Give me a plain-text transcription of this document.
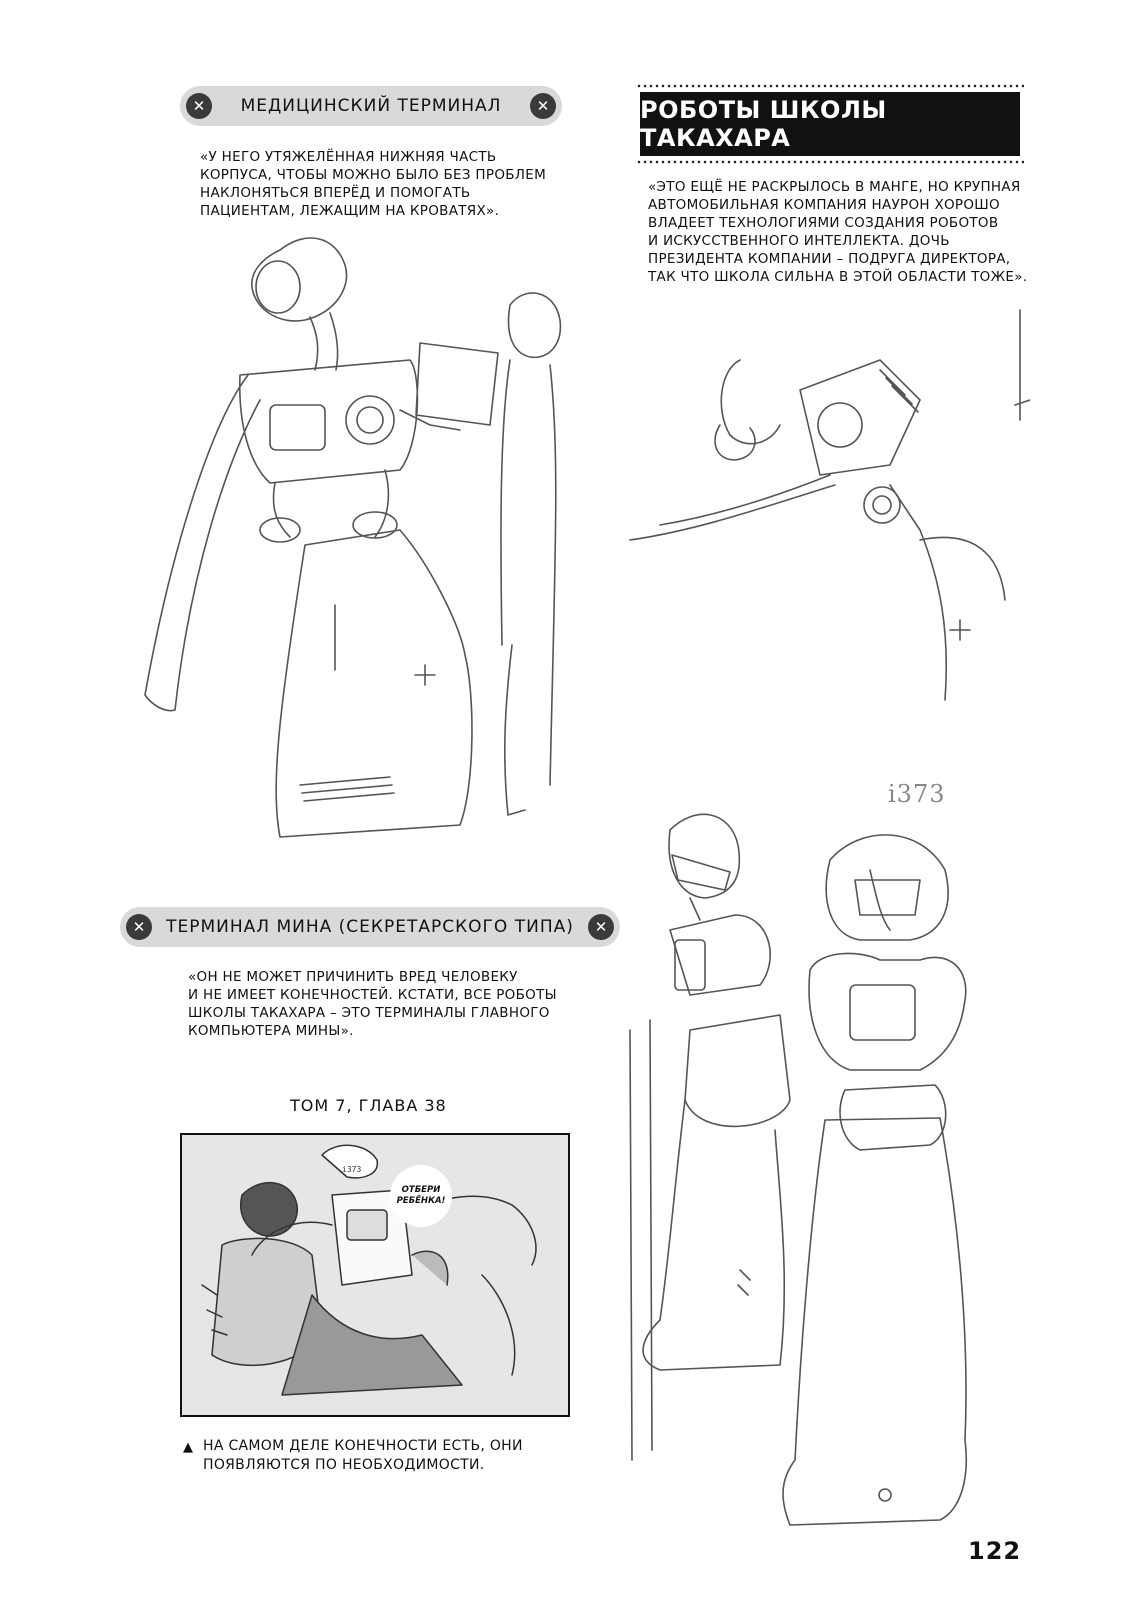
✕	МЕДИЦИНСКИЙ ТЕРМИНАЛ	✕
«У НЕГО УТЯЖЕЛЁННАЯ НИЖНЯЯ ЧАСТЬ
КОРПУСА, ЧТОБЫ МОЖНО БЫЛО БЕЗ ПРОБЛЕМ
НАКЛОНЯТЬСЯ ВПЕРЁД И ПОМОГАТЬ
ПАЦИЕНТАМ, ЛЕЖАЩИМ НА КРОВАТЯХ».
РОБОТЫ ШКОЛЫ ТАКАХАРА
«ЭТО ЕЩЁ НЕ РАСКРЫЛОСЬ В МАНГЕ, НО КРУПНАЯ
АВТОМОБИЛЬНАЯ КОМПАНИЯ НАУРОН ХОРОШО
ВЛАДЕЕТ ТЕХНОЛОГИЯМИ СОЗДАНИЯ РОБОТОВ
И ИСКУССТВЕННОГО ИНТЕЛЛЕКТА. ДОЧЬ
ПРЕЗИДЕНТА КОМПАНИИ – ПОДРУГА ДИРЕКТОРА,
ТАК ЧТО ШКОЛА СИЛЬНА В ЭТОЙ ОБЛАСТИ ТОЖЕ».
i373
✕	ТЕРМИНАЛ МИНА (СЕКРЕТАРСКОГО ТИПА)	✕
«ОН НЕ МОЖЕТ ПРИЧИНИТЬ ВРЕД ЧЕЛОВЕКУ
И НЕ ИМЕЕТ КОНЕЧНОСТЕЙ. КСТАТИ, ВСЕ РОБОТЫ
ШКОЛЫ ТАКАХАРА – ЭТО ТЕРМИНАЛЫ ГЛАВНОГО
КОМПЬЮТЕРА МИНЫ».
ТОМ 7, ГЛАВА 38
ОТБЕРИ
РЕБЁНКА!
i373
▲ НА САМОМ ДЕЛЕ КОНЕЧНОСТИ ЕСТЬ, ОНИ
ПОЯВЛЯЮТСЯ ПО НЕОБХОДИМОСТИ.
122
